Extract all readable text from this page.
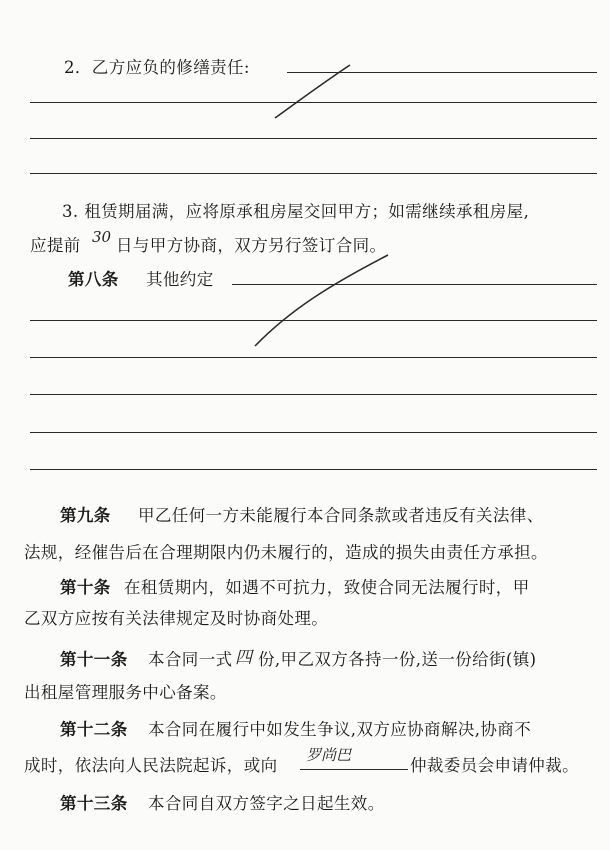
2．乙方应负的修缮责任:
3. 租赁期届满，应将原承租房屋交回甲方；如需继续承租房屋,
应提前 30 日与甲方协商，双方另行签订合同。
第八条 其他约定
第九条 甲乙任何一方未能履行本合同条款或者违反有关法律、
法规，经催告后在合理期限内仍未履行的，造成的损失由责任方承担。
第十条 在租赁期内，如遇不可抗力，致使合同无法履行时，甲
乙双方应按有关法律规定及时协商处理。
第十一条 本合同一式 四 份,甲乙双方各持一份,送一份给街(镇)
出租屋管理服务中心备案。
第十二条 本合同在履行中如发生争议,双方应协商解决,协商不
成时，依法向人民法院起诉，或向
罗尚巴
仲裁委员会申请仲裁。
第十三条 本合同自双方签字之日起生效。
